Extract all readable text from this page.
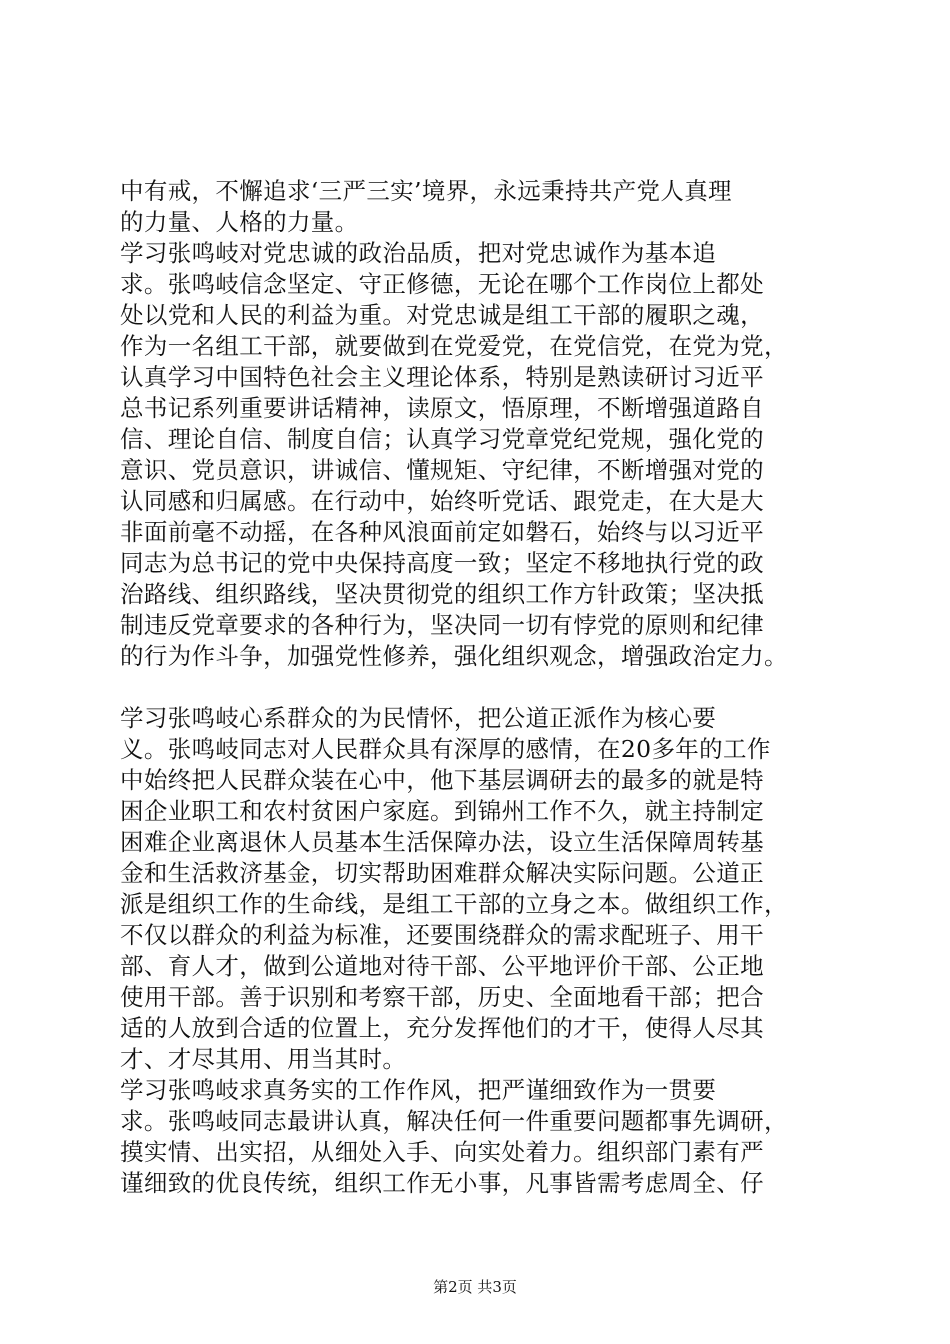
中有戒，不懈追求‘三严三实’境界，永远秉持共产党人真理
的力量、人格的力量。
学习张鸣岐对党忠诚的政治品质，把对党忠诚作为基本追
求。张鸣岐信念坚定、守正修德，无论在哪个工作岗位上都处
处以党和人民的利益为重。对党忠诚是组工干部的履职之魂，
作为一名组工干部，就要做到在党爱党，在党信党，在党为党，
认真学习中国特色社会主义理论体系，特别是熟读研讨习近平
总书记系列重要讲话精神，读原文，悟原理，不断增强道路自
信、理论自信、制度自信；认真学习党章党纪党规，强化党的
意识、党员意识，讲诚信、懂规矩、守纪律，不断增强对党的
认同感和归属感。在行动中，始终听党话、跟党走，在大是大
非面前毫不动摇，在各种风浪面前定如磐石，始终与以习近平
同志为总书记的党中央保持高度一致；坚定不移地执行党的政
治路线、组织路线，坚决贯彻党的组织工作方针政策；坚决抵
制违反党章要求的各种行为，坚决同一切有悖党的原则和纪律
的行为作斗争，加强党性修养，强化组织观念，增强政治定力。
学习张鸣岐心系群众的为民情怀，把公道正派作为核心要
义。张鸣岐同志对人民群众具有深厚的感情，在20多年的工作
中始终把人民群众装在心中，他下基层调研去的最多的就是特
困企业职工和农村贫困户家庭。到锦州工作不久，就主持制定
困难企业离退休人员基本生活保障办法，设立生活保障周转基
金和生活救济基金，切实帮助困难群众解决实际问题。公道正
派是组织工作的生命线，是组工干部的立身之本。做组织工作，
不仅以群众的利益为标准，还要围绕群众的需求配班子、用干
部、育人才，做到公道地对待干部、公平地评价干部、公正地
使用干部。善于识别和考察干部，历史、全面地看干部；把合
适的人放到合适的位置上，充分发挥他们的才干，使得人尽其
才、才尽其用、用当其时。
学习张鸣岐求真务实的工作作风，把严谨细致作为一贯要
求。张鸣岐同志最讲认真，解决任何一件重要问题都事先调研，
摸实情、出实招，从细处入手、向实处着力。组织部门素有严
谨细致的优良传统，组织工作无小事，凡事皆需考虑周全、仔
第2页 共3页
